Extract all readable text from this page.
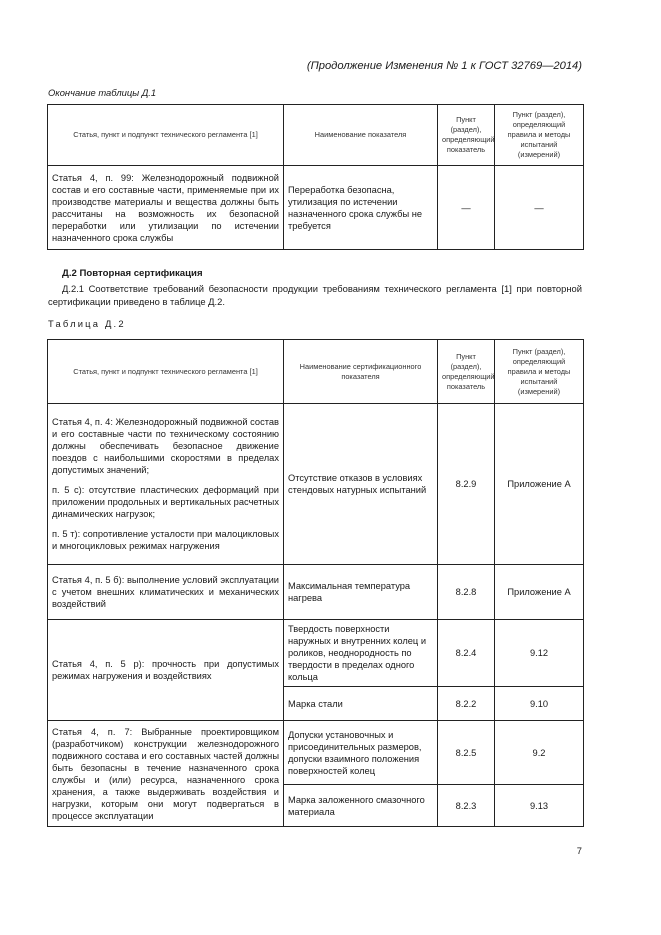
(Продолжение Изменения № 1 к ГОСТ 32769—2014)
Окончание таблицы Д.1
Статья, пункт и подпункт технического регламента [1]	Наименование показателя	Пункт (раздел), определяющий показатель	Пункт (раздел), определяющий правила и методы испытаний (измерений)
Статья 4, п. 99: Железнодорожный подвижной состав и его составные части, применяемые при их производстве материалы и вещества должны быть рассчитаны на возможность их безопасной переработки или утилизации по истечении назначенного срока службы	Переработка безопасна, утилизация по истечении назначенного срока службы не требуется	—	—
Д.2 Повторная сертификация
Д.2.1 Соответствие требований безопасности продукции требованиям технического регламента [1] при повторной сертификации приведено в таблице Д.2.
Таблица Д.2
Статья, пункт и подпункт технического регламента [1]	Наименование сертификационного показателя	Пункт (раздел), определяющий показатель	Пункт (раздел), определяющий правила и методы испытаний (измерений)
Статья 4, п. 4: Железнодорожный подвижной состав и его составные части по техническому состоянию должны обеспечивать безопасное движение поездов с наибольшими скоростями в пределах допустимых значений;
п. 5 с): отсутствие пластических деформаций при приложении продольных и вертикальных расчетных динамических нагрузок;
п. 5 т): сопротивление усталости при малоцикловых и многоцикловых режимах нагружения	Отсутствие отказов в условиях стендовых натурных испытаний	8.2.9	Приложение А
Статья 4, п. 5 б): выполнение условий эксплуатации с учетом внешних климатических и механических воздействий	Максимальная температура нагрева	8.2.8	Приложение А
Статья 4, п. 5 р): прочность при допустимых режимах нагружения и воздействиях	Твердость поверхности наружных и внутренних колец и роликов, неоднородность по твердости в пределах одного кольца	8.2.4	9.12
	Марка стали	8.2.2	9.10
Статья 4, п. 7: Выбранные проектировщиком (разработчиком) конструкции железнодорожного подвижного состава и его составных частей должны быть безопасны в течение назначенного срока службы и (или) ресурса, назначенного срока хранения, а также выдерживать воздействия и нагрузки, которым они могут подвергаться в процессе эксплуатации	Допуски установочных и присоединительных размеров, допуски взаимного положения поверхностей колец	8.2.5	9.2
	Марка заложенного смазочного материала	8.2.3	9.13
7
